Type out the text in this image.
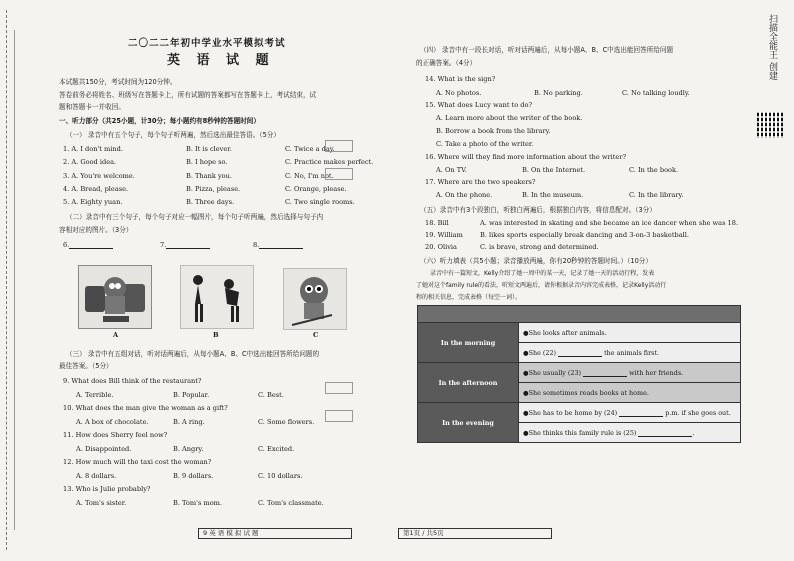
二〇二二年初中学业水平模拟考试
英 语 试 题
本试题共150分，考试时间为120分钟。
答卷前务必将姓名、班级写在答题卡上，所有试题的答案都写在答题卡上，考试结束，试
题和答题卡一并收回。
一、听力部分（共25小题，计30分；每小题约有8秒钟的答题时间）
（一） 录音中有五个句子，每个句子听两遍，然后选出最佳答语。（5分）
1. A. I don't mind.	B. It is clever.	C. Twice a day.
2. A. Good idea.	B. I hope so.	C. Practice makes perfect.
3. A. You're welcome.	B. Thank you.	C. No, I'm not.
4. A. Bread, please.	B. Pizza, please.	C. Orange, please.
5. A. Eighty yuan.	B. Three days.	C. Two single rooms.
（二）录音中有三个句子，每个句子对应一幅图片，每个句子听两遍，然后选择与句子内
容相对应的图片。（3分）
6.	7.	8.
A	B	C
（三） 录音中有五组对话，听对话两遍后，从每小题A、B、C中选出能回答所给问题的
最佳答案。（5分）
9. What does Bill think of the restaurant?
A. Terrible.	B. Popular.	C. Best.
10. What does the man give the woman as a gift?
A. A box of chocolate.	B. A ring.	C. Some flowers.
11. How does Sherry feel now?
A. Disappointed.	B. Angry.	C. Excited.
12. How much will the taxi cost the woman?
A. 8 dollars.	B. 9 dollars.	C. 10 dollars.
13. Who is Julie probably?
A. Tom's sister.	B. Tom's mom.	C. Tom's classmate.
（四） 录音中有一段长对话，听对话两遍后，从每小题A、B、C中选出能回答所给问题
的正确答案。（4分）
14. What is the sign?
A. No photos.	B. No parking.	C. No talking loudly.
15. What does Lucy want to do?
A. Learn more about the writer of the book.
B. Borrow a book from the library.
C. Take a photo of the writer.
16. Where will they find more information about the writer?
A. On TV.	B. On the Internet.	C. In the book.
17. Where are the two speakers?
A. On the phone.	B. In the museum.	C. In the library.
（五）录音中有3个段独白，听独白两遍后，根据独白内容，将信息配对。（3分）
18. Bill	A. was interested in skating and she became an ice dancer when she was 18.
19. William	B. likes sports especially break dancing and 3-on-3 basketball.
20. Olivia	C. is brave, strong and determined.
（六）听力填表（共5小题；录音播放两遍，你有20秒钟的答题时间。）（10分）
录音中有一篇短文，Kelly介绍了她一周中的某一天，记录了她一天的活动行程，发表
了她对这个family rule的看法，听短文两遍后，请你根据录音内容完成表格，记录Kelly活动行
程的相关信息，完成表格（每空一词）。

In the morning	●She looks after animals.
	●She (22) the animals first.
In the afternoon	●She usually (23) with her friends.
	●She sometimes reads books at home.
In the evening	●She has to be home by (24) p.m. if she goes out.
	●She thinks this family rule is (25) .
9 英 语 模 拟 试 题	第1页 / 共5页
扫描全能王 创建
